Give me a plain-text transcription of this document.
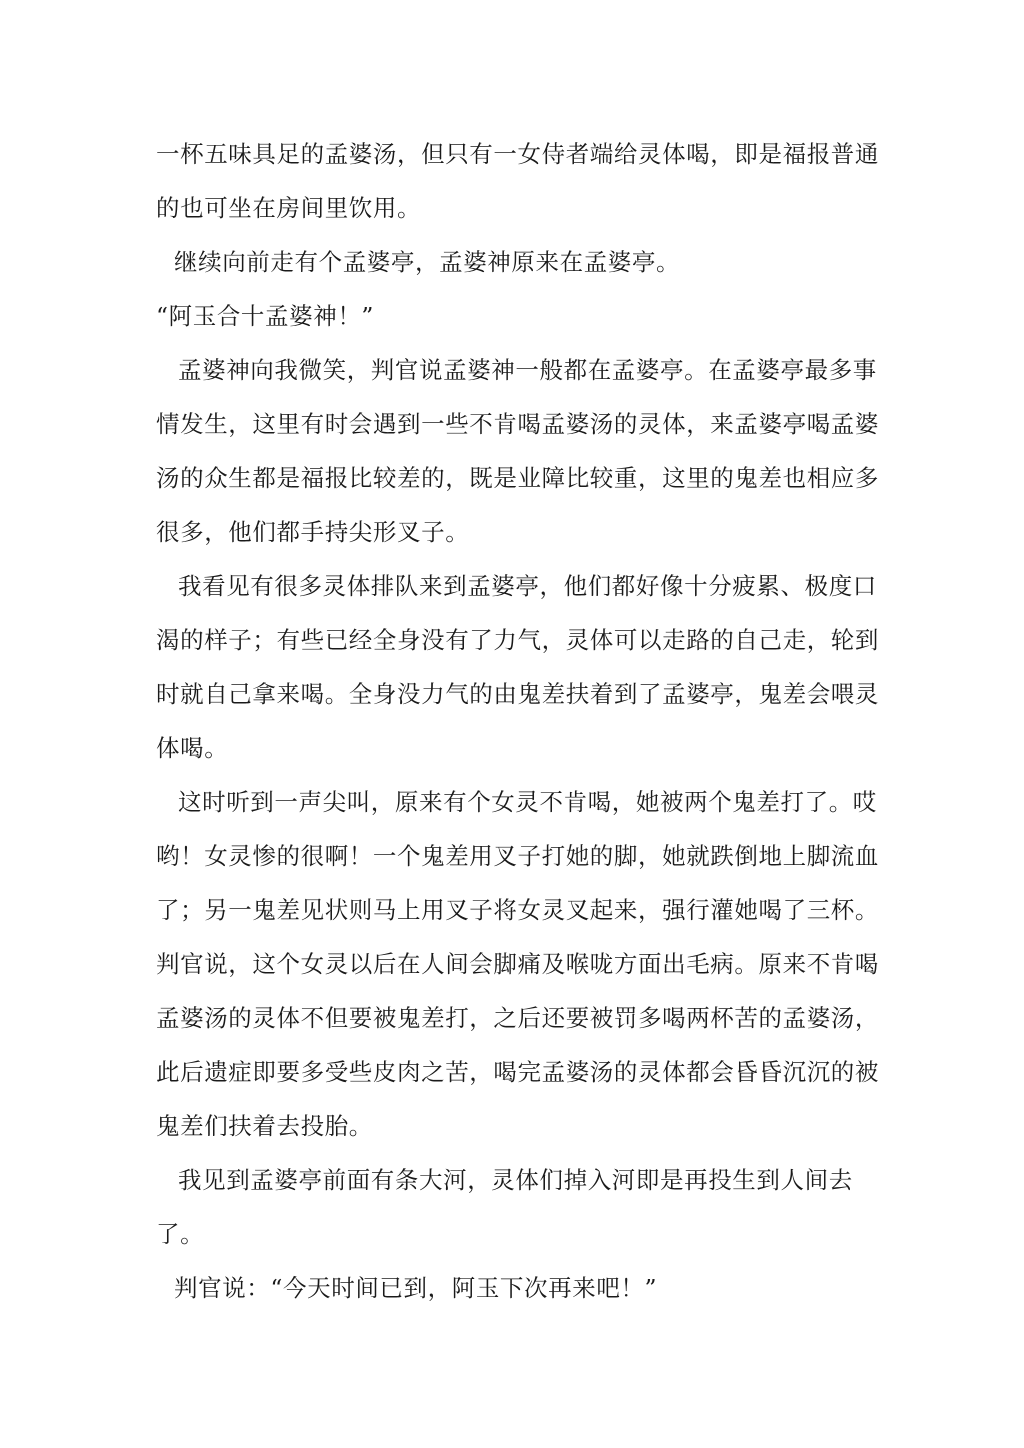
一杯五味具足的孟婆汤，但只有一女侍者端给灵体喝，即是福报普通
的也可坐在房间里饮用。
继续向前走有个孟婆亭，孟婆神原来在孟婆亭。
“阿玉合十孟婆神！”
孟婆神向我微笑，判官说孟婆神一般都在孟婆亭。在孟婆亭最多事
情发生，这里有时会遇到一些不肯喝孟婆汤的灵体，来孟婆亭喝孟婆
汤的众生都是福报比较差的，既是业障比较重，这里的鬼差也相应多
很多，他们都手持尖形叉子。
我看见有很多灵体排队来到孟婆亭，他们都好像十分疲累、极度口
渴的样子；有些已经全身没有了力气，灵体可以走路的自己走，轮到
时就自己拿来喝。全身没力气的由鬼差扶着到了孟婆亭，鬼差会喂灵
体喝。
这时听到一声尖叫，原来有个女灵不肯喝，她被两个鬼差打了。哎
哟！女灵惨的很啊！一个鬼差用叉子打她的脚，她就跌倒地上脚流血
了；另一鬼差见状则马上用叉子将女灵叉起来，强行灌她喝了三杯。
判官说，这个女灵以后在人间会脚痛及喉咙方面出毛病。原来不肯喝
孟婆汤的灵体不但要被鬼差打，之后还要被罚多喝两杯苦的孟婆汤，
此后遗症即要多受些皮肉之苦，喝完孟婆汤的灵体都会昏昏沉沉的被
鬼差们扶着去投胎。
我见到孟婆亭前面有条大河，灵体们掉入河即是再投生到人间去
了。
判官说：“今天时间已到，阿玉下次再来吧！”
